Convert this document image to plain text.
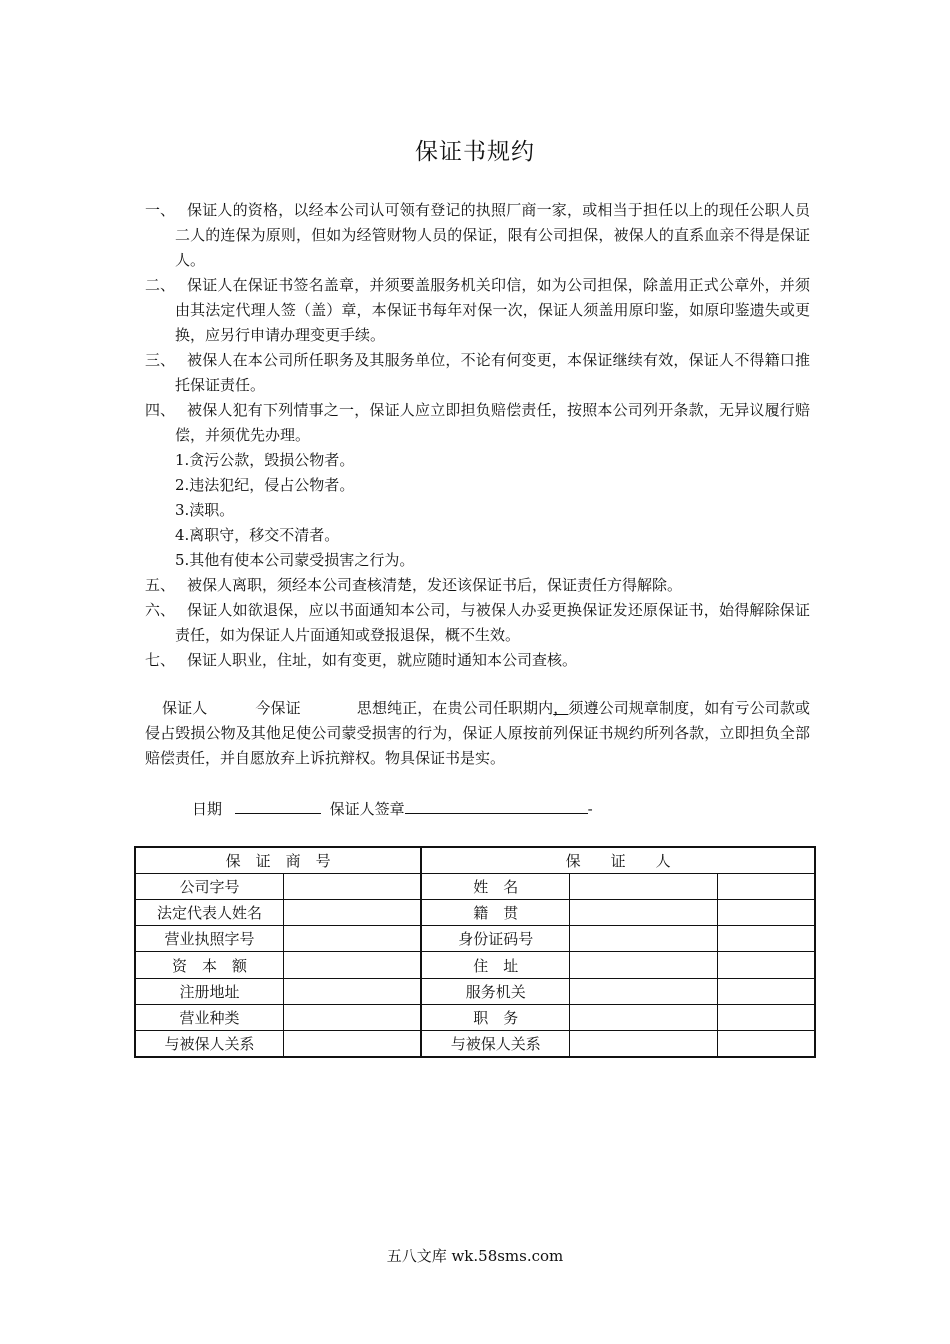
保证书规约
一、 保证人的资格，以经本公司认可领有登记的执照厂商一家，或相当于担任以上的现任公职人员二人的连保为原则，但如为经管财物人员的保证，限有公司担保，被保人的直系血亲不得是保证人。
二、 保证人在保证书签名盖章，并须要盖服务机关印信，如为公司担保，除盖用正式公章外，并须由其法定代理人签（盖）章，本保证书每年对保一次，保证人须盖用原印鉴，如原印鉴遗失或更换，应另行申请办理变更手续。
三、 被保人在本公司所任职务及其服务单位，不论有何变更，本保证继续有效，保证人不得籍口推托保证责任。
四、 被保人犯有下列情事之一，保证人应立即担负赔偿责任，按照本公司列开条款，无异议履行赔偿，并须优先办理。
1.贪污公款，毁损公物者。
2.违法犯纪，侵占公物者。
3.渎职。
4.离职守，移交不清者。
5.其他有使本公司蒙受损害之行为。
五、 被保人离职，须经本公司查核清楚，发还该保证书后，保证责任方得解除。
六、 保证人如欲退保，应以书面通知本公司，与被保人办妥更换保证发还原保证书，始得解除保证责任，如为保证人片面通知或登报退保，概不生效。
七、 保证人职业，住址，如有变更，就应随时通知本公司查核。
保证人	今保证	思想纯正，在贵公司任职期内，须遵公司规章制度，如有亏公司款或侵占毁损公物及其他足使公司蒙受损害的行为，保证人原按前列保证书规约所列各款，立即担负全部赔偿责任，并自愿放弃上诉抗辩权。物具保证书是实。
日期	保证人签章	-
保　证　商　号		保　　证　　人		
公司字号		姓　名		
法定代表人姓名		籍　贯		
营业执照字号		身份证码号		
资　本　额		住　址		
注册地址		服务机关		
营业种类		职　务		
与被保人关系		与被保人关系		
五八文库 wk.58sms.com
